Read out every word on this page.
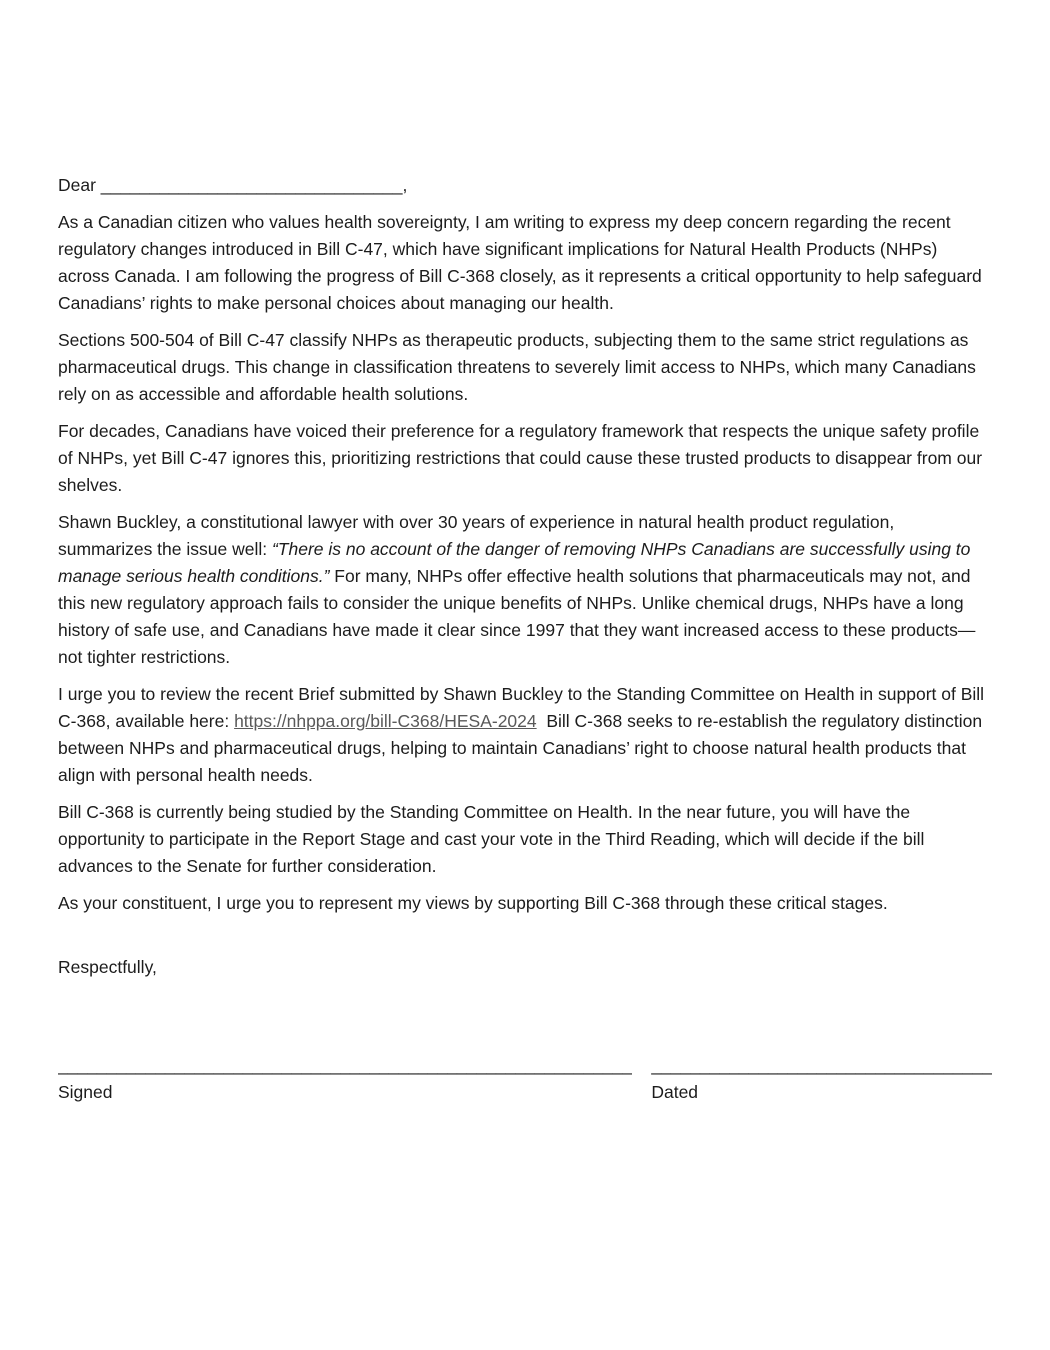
Dear _______________________________,

As a Canadian citizen who values health sovereignty, I am writing to express my deep concern regarding the recent regulatory changes introduced in Bill C-47, which have significant implications for Natural Health Products (NHPs) across Canada. I am following the progress of Bill C-368 closely, as it represents a critical opportunity to help safeguard Canadians’ rights to make personal choices about managing our health.

Sections 500-504 of Bill C-47 classify NHPs as therapeutic products, subjecting them to the same strict regulations as pharmaceutical drugs. This change in classification threatens to severely limit access to NHPs, which many Canadians rely on as accessible and affordable health solutions.

For decades, Canadians have voiced their preference for a regulatory framework that respects the unique safety profile of NHPs, yet Bill C-47 ignores this, prioritizing restrictions that could cause these trusted products to disappear from our shelves.

Shawn Buckley, a constitutional lawyer with over 30 years of experience in natural health product regulation, summarizes the issue well: “There is no account of the danger of removing NHPs Canadians are successfully using to manage serious health conditions.” For many, NHPs offer effective health solutions that pharmaceuticals may not, and this new regulatory approach fails to consider the unique benefits of NHPs. Unlike chemical drugs, NHPs have a long history of safe use, and Canadians have made it clear since 1997 that they want increased access to these products—not tighter restrictions.

I urge you to review the recent Brief submitted by Shawn Buckley to the Standing Committee on Health in support of Bill C-368, available here: https://nhppa.org/bill-C368/HESA-2024  Bill C-368 seeks to re-establish the regulatory distinction between NHPs and pharmaceutical drugs, helping to maintain Canadians’ right to choose natural health products that align with personal health needs.

Bill C-368 is currently being studied by the Standing Committee on Health. In the near future, you will have the opportunity to participate in the Report Stage and cast your vote in the Third Reading, which will decide if the bill advances to the Senate for further consideration.

As your constituent, I urge you to represent my views by supporting Bill C-368 through these critical stages.

Respectfully,

___________________________________________________________
Signed
___________________________________
Dated
